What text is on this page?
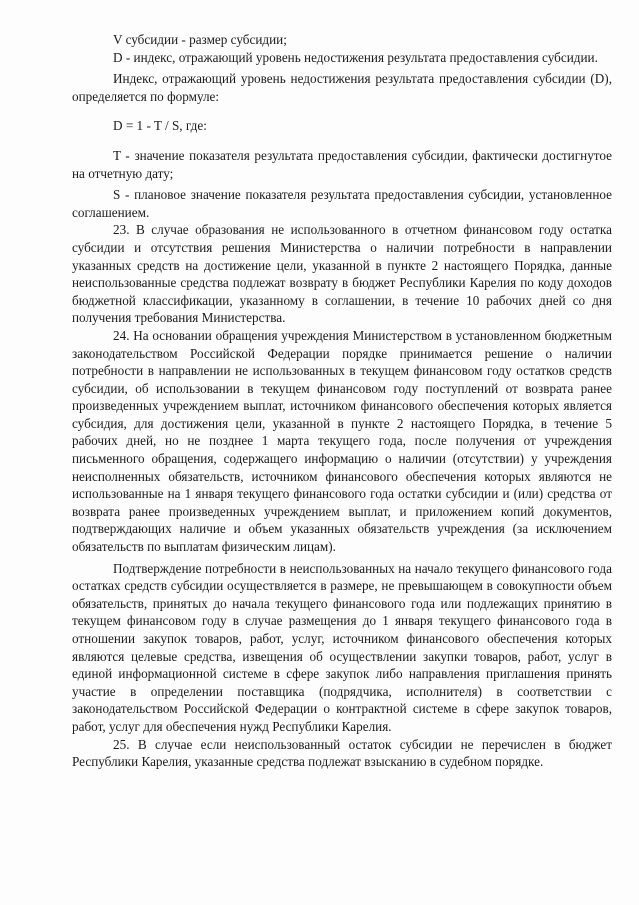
V субсидии - размер субсидии;

D - индекс, отражающий уровень недостижения результата предоставления субсидии.

Индекс, отражающий уровень недостижения результата предоставления субсидии (D), определяется по формуле:

D = 1 - T / S, где:

T - значение показателя результата предоставления субсидии, фактически достигнутое на отчетную дату;

S - плановое значение показателя результата предоставления субсидии, установленное соглашением.

23. В случае образования не использованного в отчетном финансовом году остатка субсидии и отсутствия решения Министерства о наличии потребности в направлении указанных средств на достижение цели, указанной в пункте 2 настоящего Порядка, данные неиспользованные средства подлежат возврату в бюджет Республики Карелия по коду доходов бюджетной классификации, указанному в соглашении, в течение 10 рабочих дней со дня получения требования Министерства.

24. На основании обращения учреждения Министерством в установленном бюджетным законодательством Российской Федерации порядке принимается решение о наличии потребности в направлении не использованных в текущем финансовом году остатков средств субсидии, об использовании в текущем финансовом году поступлений от возврата ранее произведенных учреждением выплат, источником финансового обеспечения которых является субсидия, для достижения цели, указанной в пункте 2 настоящего Порядка, в течение 5 рабочих дней, но не позднее 1 марта текущего года, после получения от учреждения письменного обращения, содержащего информацию о наличии (отсутствии) у учреждения неисполненных обязательств, источником финансового обеспечения которых являются не использованные на 1 января текущего финансового года остатки субсидии и (или) средства от возврата ранее произведенных учреждением выплат, и приложением копий документов, подтверждающих наличие и объем указанных обязательств учреждения (за исключением обязательств по выплатам физическим лицам).

Подтверждение потребности в неиспользованных на начало текущего финансового года остатках средств субсидии осуществляется в размере, не превышающем в совокупности объем обязательств, принятых до начала текущего финансового года или подлежащих принятию в текущем финансовом году в случае размещения до 1 января текущего финансового года в отношении закупок товаров, работ, услуг, источником финансового обеспечения которых являются целевые средства, извещения об осуществлении закупки товаров, работ, услуг в единой информационной системе в сфере закупок либо направления приглашения принять участие в определении поставщика (подрядчика, исполнителя) в соответствии с законодательством Российской Федерации о контрактной системе в сфере закупок товаров, работ, услуг для обеспечения нужд Республики Карелия.

25. В случае если неиспользованный остаток субсидии не перечислен в бюджет Республики Карелия, указанные средства подлежат взысканию в судебном порядке.
